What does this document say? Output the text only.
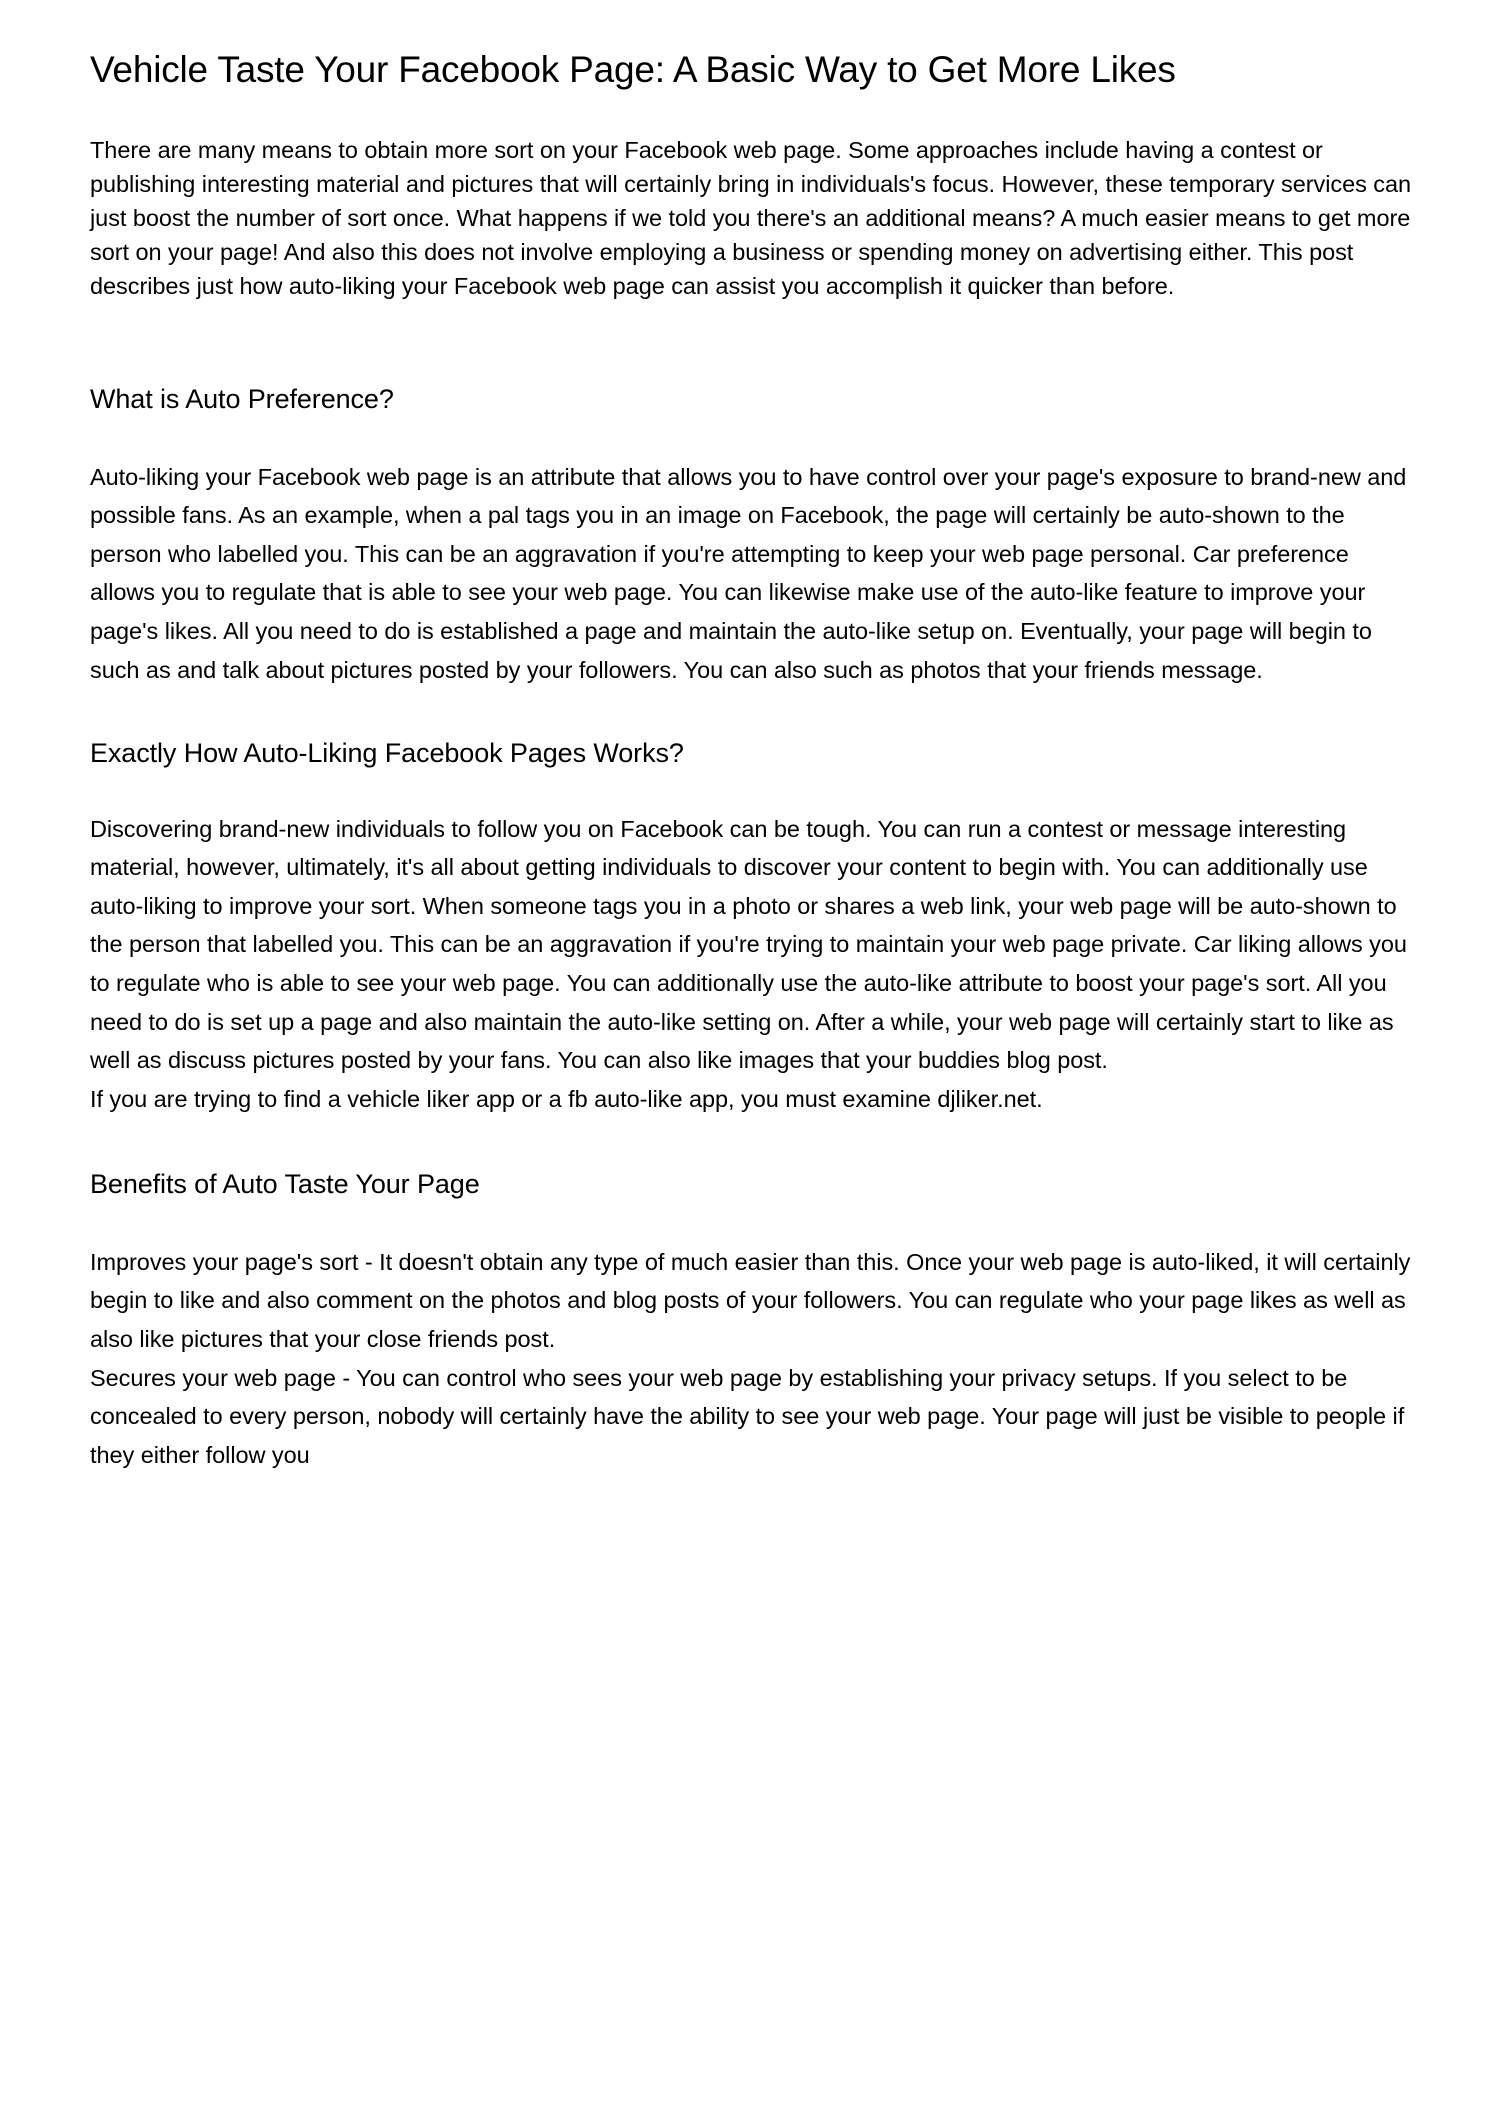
Vehicle Taste Your Facebook Page: A Basic Way to Get More Likes

There are many means to obtain more sort on your Facebook web page. Some approaches include having a contest or publishing interesting material and pictures that will certainly bring in individuals's focus. However, these temporary services can just boost the number of sort once. What happens if we told you there's an additional means? A much easier means to get more sort on your page! And also this does not involve employing a business or spending money on advertising either. This post describes just how auto-liking your Facebook web page can assist you accomplish it quicker than before.

What is Auto Preference?

Auto-liking your Facebook web page is an attribute that allows you to have control over your page's exposure to brand-new and possible fans. As an example, when a pal tags you in an image on Facebook, the page will certainly be auto-shown to the person who labelled you. This can be an aggravation if you're attempting to keep your web page personal. Car preference allows you to regulate that is able to see your web page. You can likewise make use of the auto-like feature to improve your page's likes. All you need to do is established a page and maintain the auto-like setup on. Eventually, your page will begin to such as and talk about pictures posted by your followers. You can also such as photos that your friends message.

Exactly How Auto-Liking Facebook Pages Works?

Discovering brand-new individuals to follow you on Facebook can be tough. You can run a contest or message interesting material, however, ultimately, it's all about getting individuals to discover your content to begin with. You can additionally use auto-liking to improve your sort. When someone tags you in a photo or shares a web link, your web page will be auto-shown to the person that labelled you. This can be an aggravation if you're trying to maintain your web page private. Car liking allows you to regulate who is able to see your web page. You can additionally use the auto-like attribute to boost your page's sort. All you need to do is set up a page and also maintain the auto-like setting on. After a while, your web page will certainly start to like as well as discuss pictures posted by your fans. You can also like images that your buddies blog post.

If you are trying to find a vehicle liker app or a fb auto-like app, you must examine djliker.net.

Benefits of Auto Taste Your Page

Improves your page's sort - It doesn't obtain any type of much easier than this. Once your web page is auto-liked, it will certainly begin to like and also comment on the photos and blog posts of your followers. You can regulate who your page likes as well as also like pictures that your close friends post.

Secures your web page - You can control who sees your web page by establishing your privacy setups. If you select to be concealed to every person, nobody will certainly have the ability to see your web page. Your page will just be visible to people if they either follow you
